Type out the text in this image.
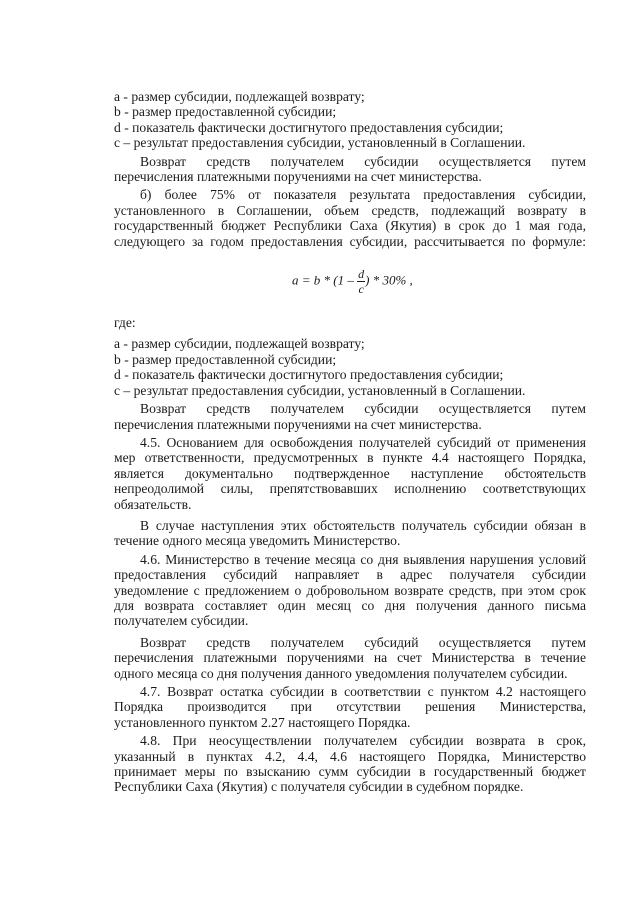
a - размер субсидии, подлежащей возврату;
b - размер предоставленной субсидии;
d - показатель фактически достигнутого предоставления субсидии;
c – результат предоставления субсидии, установленный в Соглашении.
Возврат средств получателем субсидии осуществляется путем
перечисления платежными поручениями на счет министерства.
б) более 75% от показателя результата предоставления субсидии,
установленного в Соглашении, объем средств, подлежащий возврату в
государственный бюджет Республики Саха (Якутия) в срок до 1 мая года,
следующего за годом предоставления субсидии, рассчитывается по формуле:
$a = b * (1 - \frac{d}{c}$ ) * 30% ,
где:
a - размер субсидии, подлежащей возврату;
b - размер предоставленной субсидии;
d - показатель фактически достигнутого предоставления субсидии;
c – результат предоставления субсидии, установленный в Соглашении.
Возврат средств получателем субсидии осуществляется путем
перечисления платежными поручениями на счет министерства.
4.5. Основанием для освобождения получателей субсидий от применения
мер ответственности, предусмотренных в пункте 4.4 настоящего Порядка,
является документально подтвержденное наступление обстоятельств
непреодолимой силы, препятствовавших исполнению соответствующих
обязательств.
В случае наступления этих обстоятельств получатель субсидии обязан в
течение одного месяца уведомить Министерство.
4.6. Министерство в течение месяца со дня выявления нарушения условий
предоставления субсидий направляет в адрес получателя субсидии
уведомление с предложением о добровольном возврате средств, при этом срок
для возврата составляет один месяц со дня получения данного письма
получателем субсидии.
Возврат средств получателем субсидий осуществляется путем
перечисления платежными поручениями на счет Министерства в течение
одного месяца со дня получения данного уведомления получателем субсидии.
4.7. Возврат остатка субсидии в соответствии с пунктом 4.2 настоящего
Порядка производится при отсутствии решения Министерства,
установленного пунктом 2.27 настоящего Порядка.
4.8. При неосуществлении получателем субсидии возврата в срок,
указанный в пунктах 4.2, 4.4, 4.6 настоящего Порядка, Министерство
принимает меры по взысканию сумм субсидии в государственный бюджет
Республики Саха (Якутия) с получателя субсидии в судебном порядке.
